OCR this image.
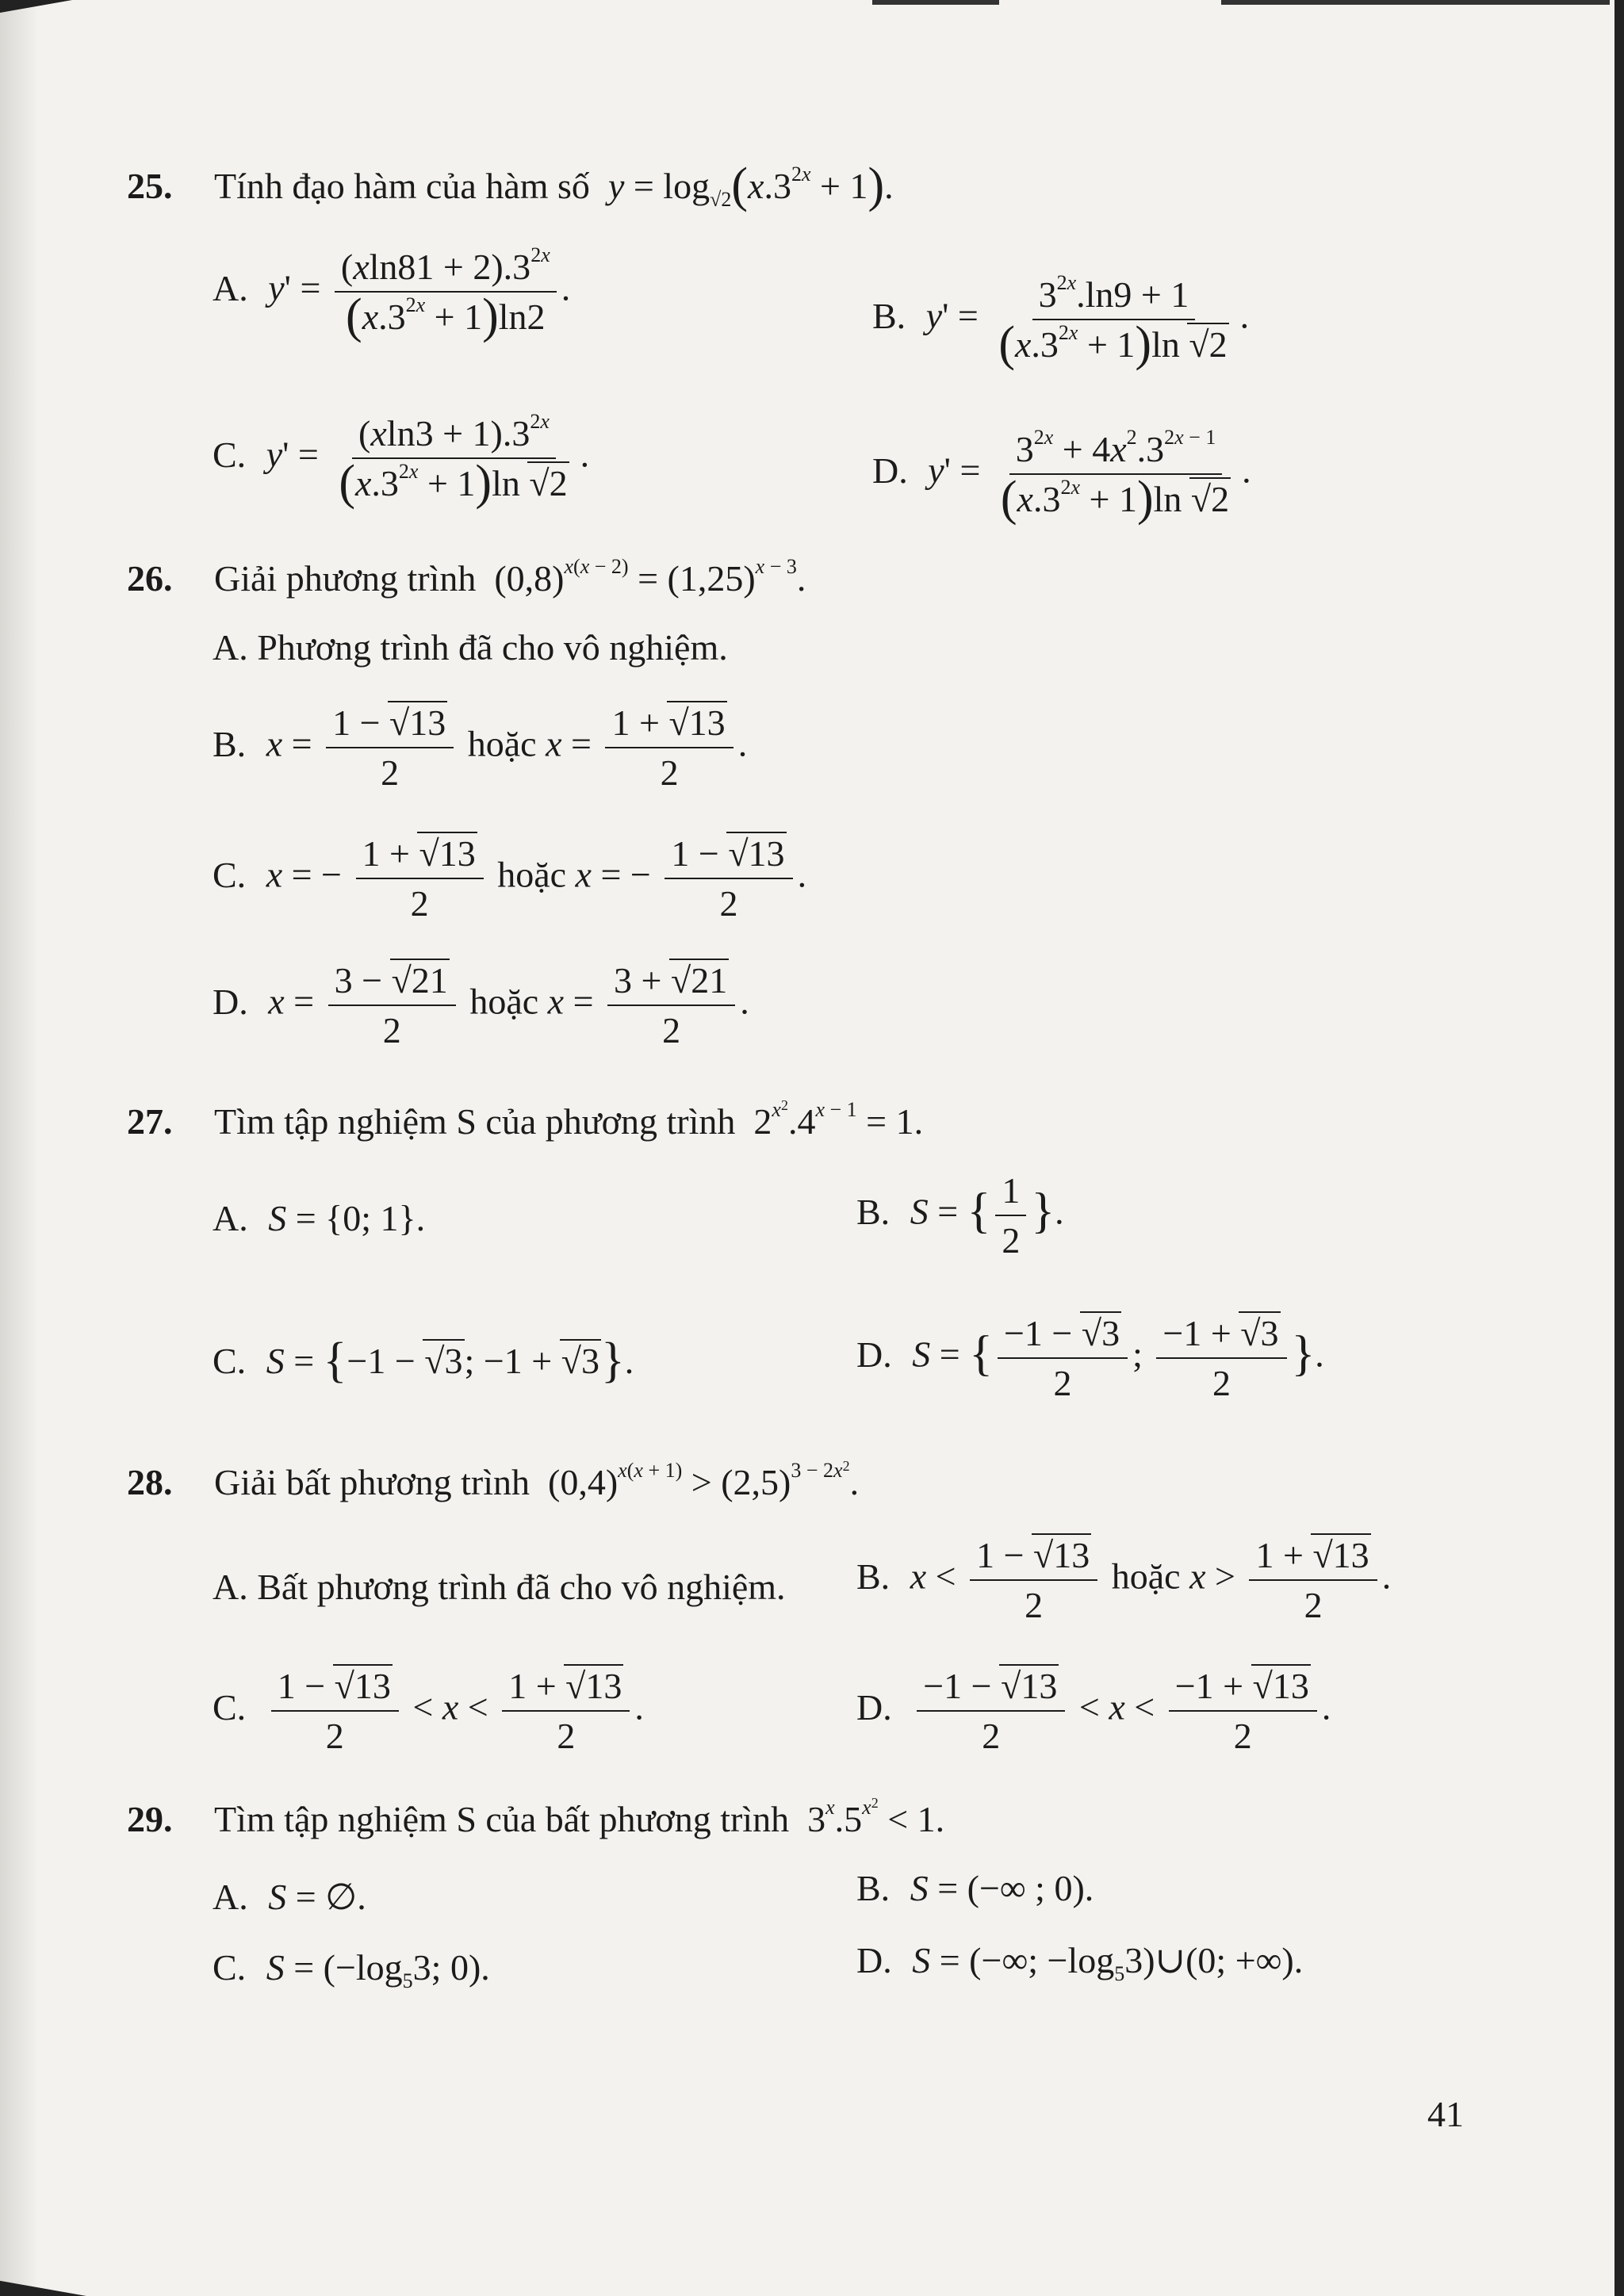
25.	Tính đạo hàm của hàm số $y = \log_{√2}(x.3^{2x} + 1)$.
A. $y' = \frac{(xln81 + 2).3^{2x}}{(x.3^{2x} + 1)\ln 2}$ .
B. $y' = \frac{3^{2x}.\ln 9 + 1}{(x.3^{2x} + 1)\ln √2}$ .
C. $y' = \frac{(xln3 + 1).3^{2x}}{(x.3^{2x} + 1)\ln √2}$ .	D. $y' = \frac{3^{2x} + 4x^2.3^{2x - 1}}{(x.3^{2x} + 1)\ln √2}$ .
26.	Giải phương trình  $(0,8)^{x(x - 2)} = (1,25)^{x - 3}$.
A. Phương trình đã cho vô nghiệm.
B. $x = \frac{1 - √13}{2}$ hoặc $x = \frac{1 + √13}{2}$ .
C. x = − $\frac{1 + √13}{2}$ hoặc x = − $\frac{1 - √13}{2}$ .
D. $x = \frac{3 - √21}{2}$ hoặc $x = \frac{3 + √21}{2}$ .
27.	Tìm tập nghiệm S của phương trình  $2^{x^2}.4^{x - 1} = 1$.
A. S = {0; 1}.	B. S = { $\frac{1}{2}$ }.
C. S = {−1 − √3; −1 + √3}.	D. S = { $\frac{-1 - √3}{2}$ ; $\frac{-1 + √3}{2}$ }.
28.	Giải bất phương trình  $(0,4)^{x(x + 1)} > (2,5)^{3 - 2x^2}$.
A. Bất phương trình đã cho vô nghiệm. B. $x < \frac{1 - √13}{2}$ hoặc $x > \frac{1 + √13}{2}$ .
C. $\frac{1 - √13}{2} < x < \frac{1 + √13}{2}$ .	D. $\frac{-1 - √13}{2} < x < \frac{-1 + √13}{2}$ .
29.	Tìm tập nghiệm S của bất phương trình  $3^x.5^{x^2} < 1$.
A. S = ∅.	B. S = (−∞ ; 0).
C. $S = (-\log_53$; 0).	D. S = (−∞; $-\log_53)\cup(0$; +∞).
41
